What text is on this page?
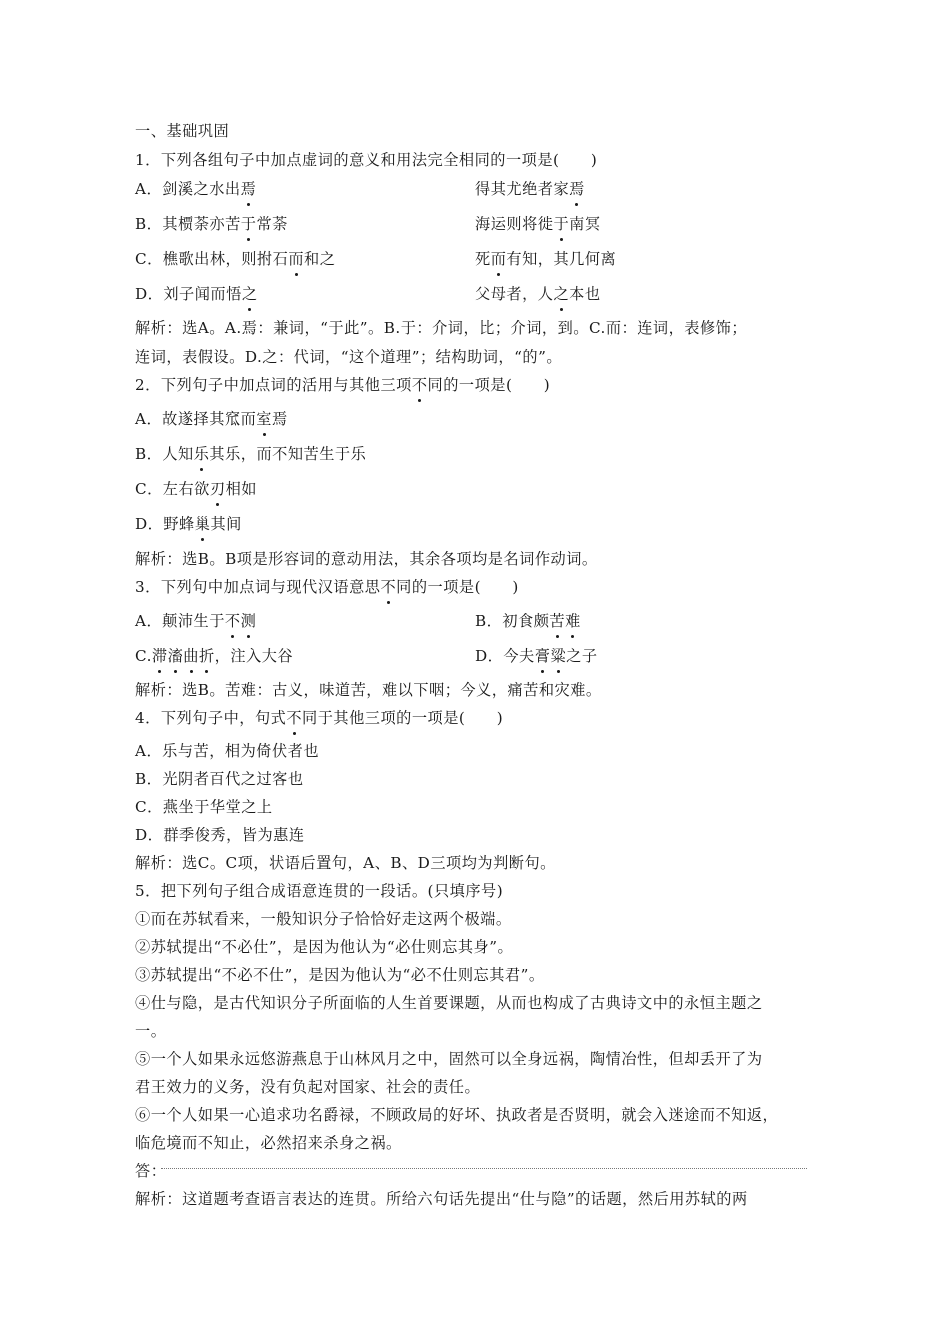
一、基础巩固
1．下列各组句子中加点虚词的意义和用法完全相同的一项是(　　)
A．剑溪之水出焉	得其尤绝者家焉
B．其槚荼亦苦于常荼	海运则将徙于南冥
C．樵歌出林，则拊石而和之	死而有知，其几何离
D．刘子闻而悟之	父母者，人之本也
解析：选A。A.焉：兼词，“于此”。B.于：介词，比；介词，到。C.而：连词，表修饰；
连词，表假设。D.之：代词，“这个道理”；结构助词，“的”。
2．下列句子中加点词的活用与其他三项不同的一项是(　　)
A．故遂择其窊而室焉
B．人知乐其乐，而不知苦生于乐
C．左右欲刃相如
D．野蜂巢其间
解析：选B。B项是形容词的意动用法，其余各项均是名词作动词。
3．下列句中加点词与现代汉语意思不同的一项是(　　)
A．颠沛生于不测	B．初食颇苦难
C.滞滀曲折，注入大谷	D．今夫膏粱之子
解析：选B。苦难：古义，味道苦，难以下咽；今义，痛苦和灾难。
4．下列句子中，句式不同于其他三项的一项是(　　)
A．乐与苦，相为倚伏者也
B．光阴者百代之过客也
C．燕坐于华堂之上
D．群季俊秀，皆为惠连
解析：选C。C项，状语后置句，A、B、D三项均为判断句。
5．把下列句子组合成语意连贯的一段话。(只填序号)
①而在苏轼看来，一般知识分子恰恰好走这两个极端。
②苏轼提出“不必仕”，是因为他认为“必仕则忘其身”。
③苏轼提出“不必不仕”，是因为他认为“必不仕则忘其君”。
④仕与隐，是古代知识分子所面临的人生首要课题，从而也构成了古典诗文中的永恒主题之
一。
⑤一个人如果永远悠游燕息于山林风月之中，固然可以全身远祸，陶情冶性，但却丢开了为
君王效力的义务，没有负起对国家、社会的责任。
⑥一个人如果一心追求功名爵禄，不顾政局的好坏、执政者是否贤明，就会入迷途而不知返，
临危境而不知止，必然招来杀身之祸。
答：
解析：这道题考查语言表达的连贯。所给六句话先提出“仕与隐”的话题，然后用苏轼的两
